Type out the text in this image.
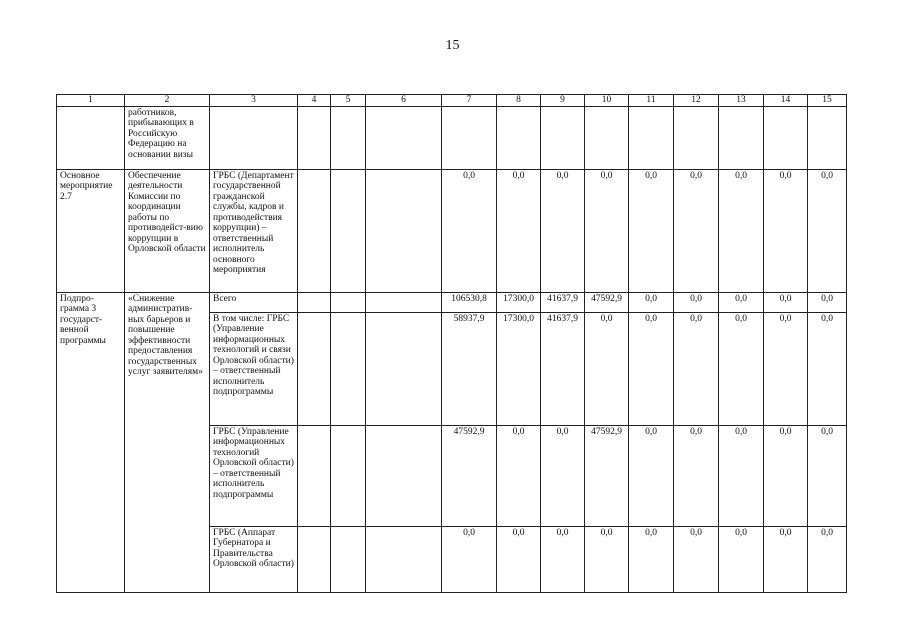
15
1	2	3	4	5	6	7	8	9	10	11	12	13	14	15
	работников, прибывающих в Российскую Федерацию на основании визы													
Основное мероприятие 2.7	Обеспечение деятельности Комиссии по координации работы по противодейст-вию коррупции в Орловской области	ГРБС (Департамент государственной гражданской службы, кадров и противодействия коррупции) – ответственный исполнитель основного мероприятия				0,0	0,0	0,0	0,0	0,0	0,0	0,0	0,0	0,0
Подпро-грамма 3 государст-венной программы	«Снижение административ-ных барьеров и повышение эффективности предоставления государственных услуг заявителям»	Всего				106530,8	17300,0	41637,9	47592,9	0,0	0,0	0,0	0,0	0,0
		В том числе: ГРБС (Управление информационных технологий и связи Орловской области) – ответственный исполнитель подпрограммы				58937,9	17300,0	41637,9	0,0	0,0	0,0	0,0	0,0	0,0
		ГРБС (Управление информационных технологий Орловской области) – ответственный исполнитель подпрограммы				47592,9	0,0	0,0	47592,9	0,0	0,0	0,0	0,0	0,0
		ГРБС (Аппарат Губернатора и Правительства Орловской области)				0,0	0,0	0,0	0,0	0,0	0,0	0,0	0,0	0,0
